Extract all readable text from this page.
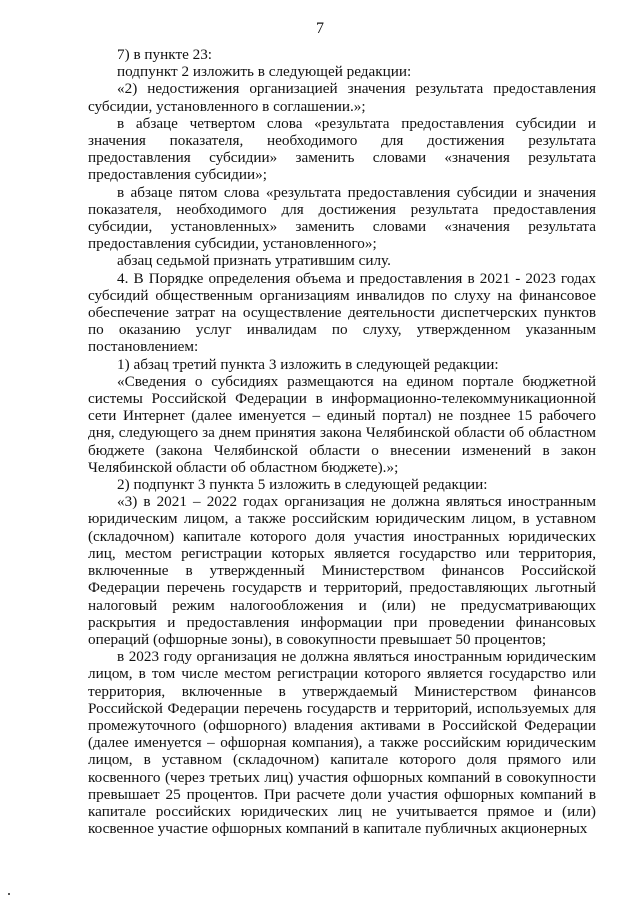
7

7) в пункте 23:

подпункт 2 изложить в следующей редакции:

«2) недостижения организацией значения результата предоставления субсидии, установленного в соглашении.»;

в абзаце четвертом слова «результата предоставления субсидии и значения показателя, необходимого для достижения результата предоставления субсидии» заменить словами «значения результата предоставления субсидии»;

в абзаце пятом слова «результата предоставления субсидии и значения показателя, необходимого для достижения результата предоставления субсидии, установленных» заменить словами «значения результата предоставления субсидии, установленного»;

абзац седьмой признать утратившим силу.

4. В Порядке определения объема и предоставления в 2021 - 2023 годах субсидий общественным организациям инвалидов по слуху на финансовое обеспечение затрат на осуществление деятельности диспетчерских пунктов по оказанию услуг инвалидам по слуху, утвержденном указанным постановлением:

1) абзац третий пункта 3 изложить в следующей редакции:

«Сведения о субсидиях размещаются на едином портале бюджетной системы Российской Федерации в информационно-телекоммуникационной сети Интернет (далее именуется – единый портал) не позднее 15 рабочего дня, следующего за днем принятия закона Челябинской области об областном бюджете (закона Челябинской области о внесении изменений в закон Челябинской области об областном бюджете).»;

2) подпункт 3 пункта 5 изложить в следующей редакции:

«3) в 2021 – 2022 годах организация не должна являться иностранным юридическим лицом, а также российским юридическим лицом, в уставном (складочном) капитале которого доля участия иностранных юридических лиц, местом регистрации которых является государство или территория, включенные в утвержденный Министерством финансов Российской Федерации перечень государств и территорий, предоставляющих льготный налоговый режим налогообложения и (или) не предусматривающих раскрытия и предоставления информации при проведении финансовых операций (офшорные зоны), в совокупности превышает 50 процентов;

в 2023 году организация не должна являться иностранным юридическим лицом, в том числе местом регистрации которого является государство или территория, включенные в утверждаемый Министерством финансов Российской Федерации перечень государств и территорий, используемых для промежуточного (офшорного) владения активами в Российской Федерации (далее именуется – офшорная компания), а также российским юридическим лицом, в уставном (складочном) капитале которого доля прямого или косвенного (через третьих лиц) участия офшорных компаний в совокупности превышает 25 процентов. При расчете доли участия офшорных компаний в капитале российских юридических лиц не учитывается прямое и (или) косвенное участие офшорных компаний в капитале публичных акционерных
